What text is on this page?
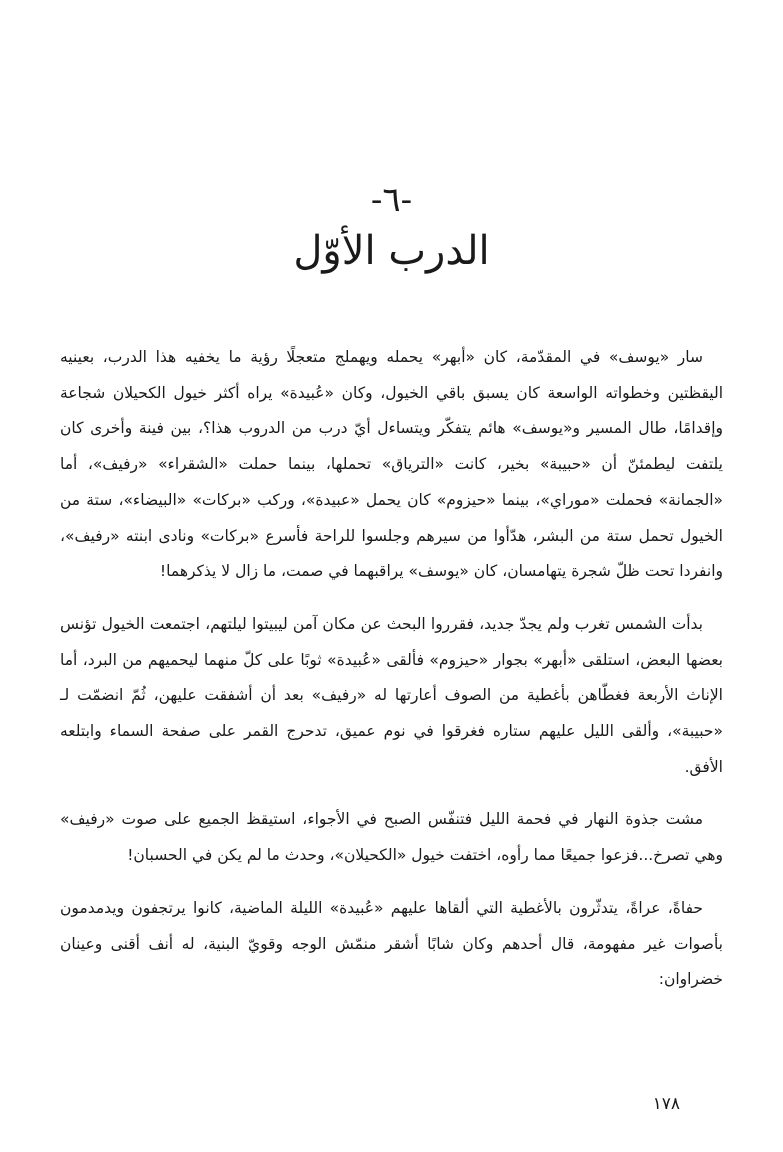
-٦-
الدرب الأوّل

سار «يوسف» في المقدّمة، كان «أبهر» يحمله ويهملج متعجلًا رؤية ما يخفيه هذا الدرب، بعينيه اليقظتين وخطواته الواسعة كان يسبق باقي الخيول، وكان «عُبيدة» يراه أكثر خيول الكحيلان شجاعة وإقدامًا، طال المسير و«يوسف» هائم يتفكّر ويتساءل أيّ درب من الدروب هذا؟، بين فينة وأخرى كان يلتفت ليطمئنّ أن «حبيبة» بخير، كانت «الترياق» تحملها، بينما حملت «الشقراء» «رفيف»، أما «الجمانة» فحملت «موراي»، بينما «حيزوم» كان يحمل «عبيدة»، وركب «بركات» «البيضاء»، ستة من الخيول تحمل ستة من البشر، هدّأوا من سيرهم وجلسوا للراحة فأسرع «بركات» ونادى ابنته «رفيف»، وانفردا تحت ظلّ شجرة يتهامسان، كان «يوسف» يراقبهما في صمت، ما زال لا يذكرهما!

بدأت الشمس تغرب ولم يجدّ جديد، فقرروا البحث عن مكان آمن ليبيتوا ليلتهم، اجتمعت الخيول تؤنس بعضها البعض، استلقى «أبهر» بجوار «حيزوم» فألقى «عُبيدة» ثوبًا على كلّ منهما ليحميهم من البرد، أما الإناث الأربعة فغطّاهن بأغطية من الصوف أعارتها له «رفيف» بعد أن أشفقت عليهن، ثُمّ انضمّت لـ «حبيبة»، وألقى الليل عليهم ستاره فغرقوا في نوم عميق، تدحرج القمر على صفحة السماء وابتلعه الأفق.

مشت جذوة النهار في فحمة الليل فتنفّس الصبح في الأجواء، استيقظ الجميع على صوت «رفيف» وهي تصرخ...فزعوا جميعًا مما رأوه، اختفت خيول «الكحيلان»، وحدث ما لم يكن في الحسبان!

حفاةً، عراةً، يتدثّرون بالأغطية التي ألقاها عليهم «عُبيدة» الليلة الماضية، كانوا يرتجفون ويدمدمون بأصوات غير مفهومة، قال أحدهم وكان شابًا أشقر منمّش الوجه وقويّ البنية، له أنف أقنى وعينان خضراوان:

١٧٨
